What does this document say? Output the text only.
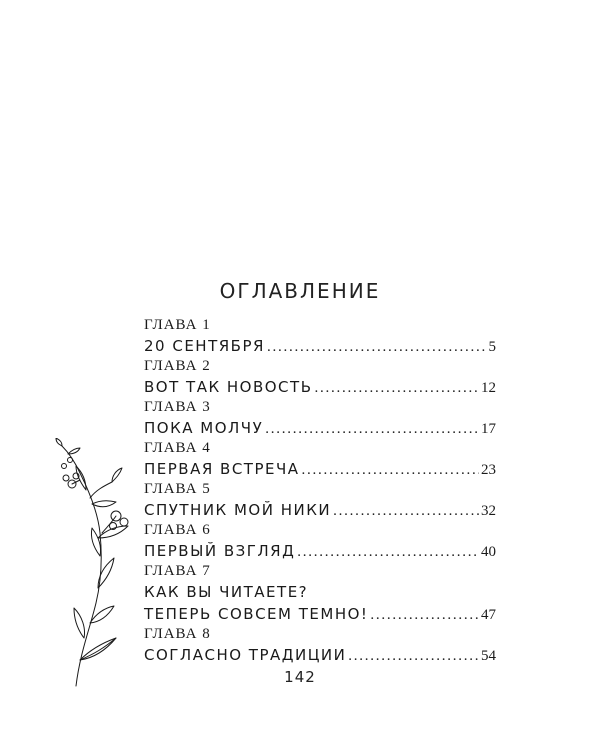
ОГЛАВЛЕНИЕ
ГЛАВА 1
20 СЕНТЯБРЯ . . .	5
ГЛАВА 2
ВОТ ТАК НОВОСТЬ . . .	12
ГЛАВА 3
ПОКА МОЛЧУ . . .	17
ГЛАВА 4
ПЕРВАЯ ВСТРЕЧА . . .	23
ГЛАВА 5
СПУТНИК МОЙ НИКИ . . .	32
ГЛАВА 6
ПЕРВЫЙ ВЗГЛЯД . . .	40
ГЛАВА 7
КАК ВЫ ЧИТАЕТЕ?
ТЕПЕРЬ СОВСЕМ ТЕМНО! . . .	47
ГЛАВА 8
СОГЛАСНО ТРАДИЦИИ . . .	54
142
